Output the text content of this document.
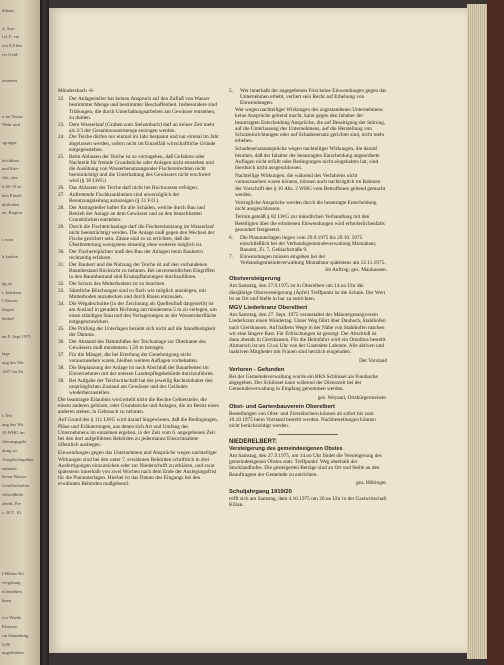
ilthaus
4, Aus-
l.d. F. vm
ren 0,8 km
rer Geld-
omentes
n im Vorau-
Wehr und
sgruppe
leichtbau
und Stre-
cke, rein
h SS 10 m
den Einzel
ührlichen
en. Region
s vom
h kaufen
ng ist
t. behalten
l Abwas-
ilrigen
bedarf
nn 9. Sept.1975
lage
ung des Wa-
ASV im Eu
s Teil
ung des Wa
10 WHG im
cherungsgebi
dung zu
Ausgleichsgebiet
nahmen
heren Wasser
Gesellschaften
chfriedhöfe
ubeilt, Pre
r, 30 T. 10.
f-Bilans-Ert
vergütung
n beachten
hnen
vor Wiede
Elsässer
rin Sammlung
2,00
ungebühren
Mündersbach -6-
22. Der Anlagesteller hat keinen Anspruch auf den Zufluß von Wasser bestimmter Menge und bestimmter Beschaffenheit. Insbesondere sind Trübungen, die durch Unterhaltungsarbeiten am Gewässer entstehen, zu dulden.
23. Dem Wasserlauf (Graben zum Stelzenbach) darf an keiner Zeit mehr als 2/3 der Gesamtwassermenge entzogen werden.
24. Die Teiche dürfen nur einmal im Jahr bespannt und nur einmal im Jahr abgelassen werden, sofern nicht im Einzelfall wirtschaftliche Gründe entgegenstehen.
25. Beim Ablassen der Teiche ist so vorzugehen, daß Gefahren oder Nachteile für fremde Grundstücke oder Anlagen nicht entstehen und die Ausübung von Wasserbenutzungsoder Fischereirechten nicht beeinträchtigt und die Unterhaltung des Gewässers nicht erschwert wird (§ 38 LWG)
26. Das Ablassen der Teiche darf nicht bei Hochwasser erfolgen.
27. Auftretende Fischkrankheiten sind unverzüglich der Benutzungsleitung anzuzeigen (§ 31 F.O.).
28. Der Antragsteller haftet für alle Schäden, welche durch Bau und Betrieb der Anlage an dem Gewässer und an den benachbarten Grundstücken entstehen.
29. Durch die Fischteichanlage darf die Fischereinutzung im Wasserlauf nicht beeinträchtigt werden. Die Anlage muß gegen den Wechsel der Fische gesichert sein. Zäune sind so zu errichten, daß die Überbretterung wenigstens einseitig ohne weiteres möglich ist.
30. Der Fischereipächter muß den Bau der Anlagen beim Bauherrn rechtzeitig erfahren.
31. Der Bauherr und die Nutzung der Teiche ist auf den vorhandenen Baumbestand Rücksicht zu nehmen. Bei unvermeidlichen Eingriffen in den Baumbestand sind Ersatzpflanzungen durchzuführen.
32. Die Schutz des Mutterbodens ist zu beachten.
33. Sämtliche Böschungen sind so flach wie möglich anzulegen, mit Mutterboden anzudecken und durch Rasen einzusäen.
34. Die Wegabschnitte (in der Zeichnung als Quellenfluß dargestellt) ist am Auslauf in geradem Richtung am mindestens 5 m zu verlegen, um einen ständigen Stau und den Verlagerungen an der Wasseroberfläche entgegenzuwirken.
35. Die Prüfung der Unterlagen bezieht sich nicht auf die Standfestigkeit der Dämme.
36. Der Abstand des Dammfußes der Teichanlage zur Oberkante des Gewässers muß mindestens 1,50 m betragen.
37. Für die Mängel, die bei Erteilung der Genehmigung nicht vorauszusehen waren, bleiben weitere Auflagen vorbehalten.
38. Die Beplanzung der Anlage ist nach Abschluß der Bauarbeiten im Einvernehmen mit der unteren Landespflegebehörde durchzuführen.
39. Bei Aufgabe der Teichwirtschaft hat der jeweilig Rechtsinhaber den ursprünglichen Zustand am Gewässer und des Geländes wiederherzustellen.

Die beantragte Erlaubnis wird erteilt nicht die Rechte Gebietsteile, die einem anderen gehören, oder Grundstücke und Anlagen, die im Besitz eines anderen stehen, in Gebrauch zu nehmen.

Auf Grund des § 111 LWG wird darauf hingewiesen, daß die Bedingungen, Pläne und Erläuterungen, aus denen sich Art und Umfang des Unternehmens im einzelnen ergeben, in der Zeit vom 6. angegebenen Zeit bei den dort aufgeführten Behörden zu jedermanns Einsichtnahme öffentlich ausliegen.

Einwendungen gegen das Unternehmen und Ansprüche wegen nachteiliger Wirkungen sind bei den unter 7. erwähnten Behörden schriftlich in drei Ausfertigungen einzureichen oder zur Niederschrift zu erklären, und zwar spätestens innerhalb von zwei Wochen nach dem Ende der Auslegungsfrist für die Planunterlagen. Hierbei ist das Datum des Eingangs bei den erwähnten Behörden maßgebend.

5.	Wer innerhalb der angegebenen Frist keine Einwendungen gegen das Unternehmen erhebt, verliert sein Recht auf Erhebung von Einwendungen.

Wer wegen nachteiliger Wirkungen des zugestandenen Unternehmens keine Ansprüche geltend macht, kann gegen den Inhaber der beantragten Entscheidung Ansprüche, die auf Beseitigung der Störung, auf die Unterlassung des Unternehmens, auf die Herstellung von Schutzeinrichtungen oder auf Schadenersatz gerichtet sind, nicht mehr erheben.

Schadenersatzansprüche wegen nachteiliger Wirkungen, die darauf beruhen, daß der Inhaber der beantragten Entscheidung angeordnete Auflagen nicht erfüllt oder Bedingungen nicht eingehalten hat, sind hierdurch nicht ausgeschlossen.

Nachteilige Wirkungen, die während des Verfahrens nicht vorauszusehen waren können, können auch nachträglich im Rahmen der Vorschrift des § 10 Abs. 2 WHG vom Betroffenen geltend gemacht werden.

Vertragliche Ansprüche werden durch die beantragte Entscheidung nicht ausgeschlossen.

Termin gemäß § 82 LWG zur mündlichen Verhandlung mit den Beteiligten über die erhobenen Einwendungen wird erforderlichenfalls gesondert festgesetzt.

6.	Die Planunterlagen liegen vom 29.9.1975 bis 29.10. 1975 einschließlich bei der Verbandsgemeindeverwaltung Montabaur, Bauamt, Zi. 7, Gelbachstraße 9.
7.	Einwendungen müssen eingehen bei der Verbandsgemeindeverwaltung Montabaur spätestens am 12.11.1975.
Im Auftrag: gez. Mauhausen.
Obstversteigerung

Am Samstag, den 27.9.1975 ist in Oberelbert um 14.oo Uhr die diesjährige Obstversteigerung (Äpfel) Treffpunkt ist die Schule. Der Wert ist an Ort und Stelle in bar zu entrichten.

MGV Liederkranz Oberelbert

Am Samstag, den 27. Sept. 1975 veranstaltet der Männergesangverein Liederkranz einen Wandertag. Unser Weg führt über Daubach, Stahlhofen nach Giershausen. Auf halbem Wege in der Nähe von Stahlhofen machen wir eine längere Rast. Für Erfrischungen ist gesorgt. Der Abschluß ist dann abends in Giershausen. Für die Heimfahrt wird ein Omnibus bestellt. Abmarsch ist um 13.oo Uhr von der Gaststätte Labonte. Alle aktiven und inaktiven Mitglieder mit Frauen sind herzlich eingeladen.

Der Vorstand
Verloren - Gefunden

Bei der Gemeindeverwaltung wurde ein BKS Schlüssel als Fundsache abgegeben. Der Schlüssel kann während der Dienstzeit bei der Gemeindeverwaltung in Empfang genommen werden.

gez. Weyand, Ortsbürgermeister.
Obst- und Gartenbauverein Oberelbert

Bestellungen von Obst- und Zierstäuchern können ab sofort bis zum 10.10.1975 beim Vorstand bestellt werden. Nachbestellungen können nicht berücksichtigt werden.

NIEDERELBERT:
Versteigerung des gemeindeeigenen Obstes

Am Samstag, den 27.9.1975, um 14.oo Uhr findet die Versteigerung des gemeindeeigenen Obstes statt. Treffpunkt: Weg oberhalb der Stocklandhofes. Die gesteigerten Beträge sind an Ort und Stelle an den Beauftragten der Gemeinde zu entrichten.

gez. Hübinger.
Schuljahrgang 1919/20

trifft sich am Samstag, dem 4.10.1975 um 20.oo Uhr in der Gastwirtschaft Kilian.
